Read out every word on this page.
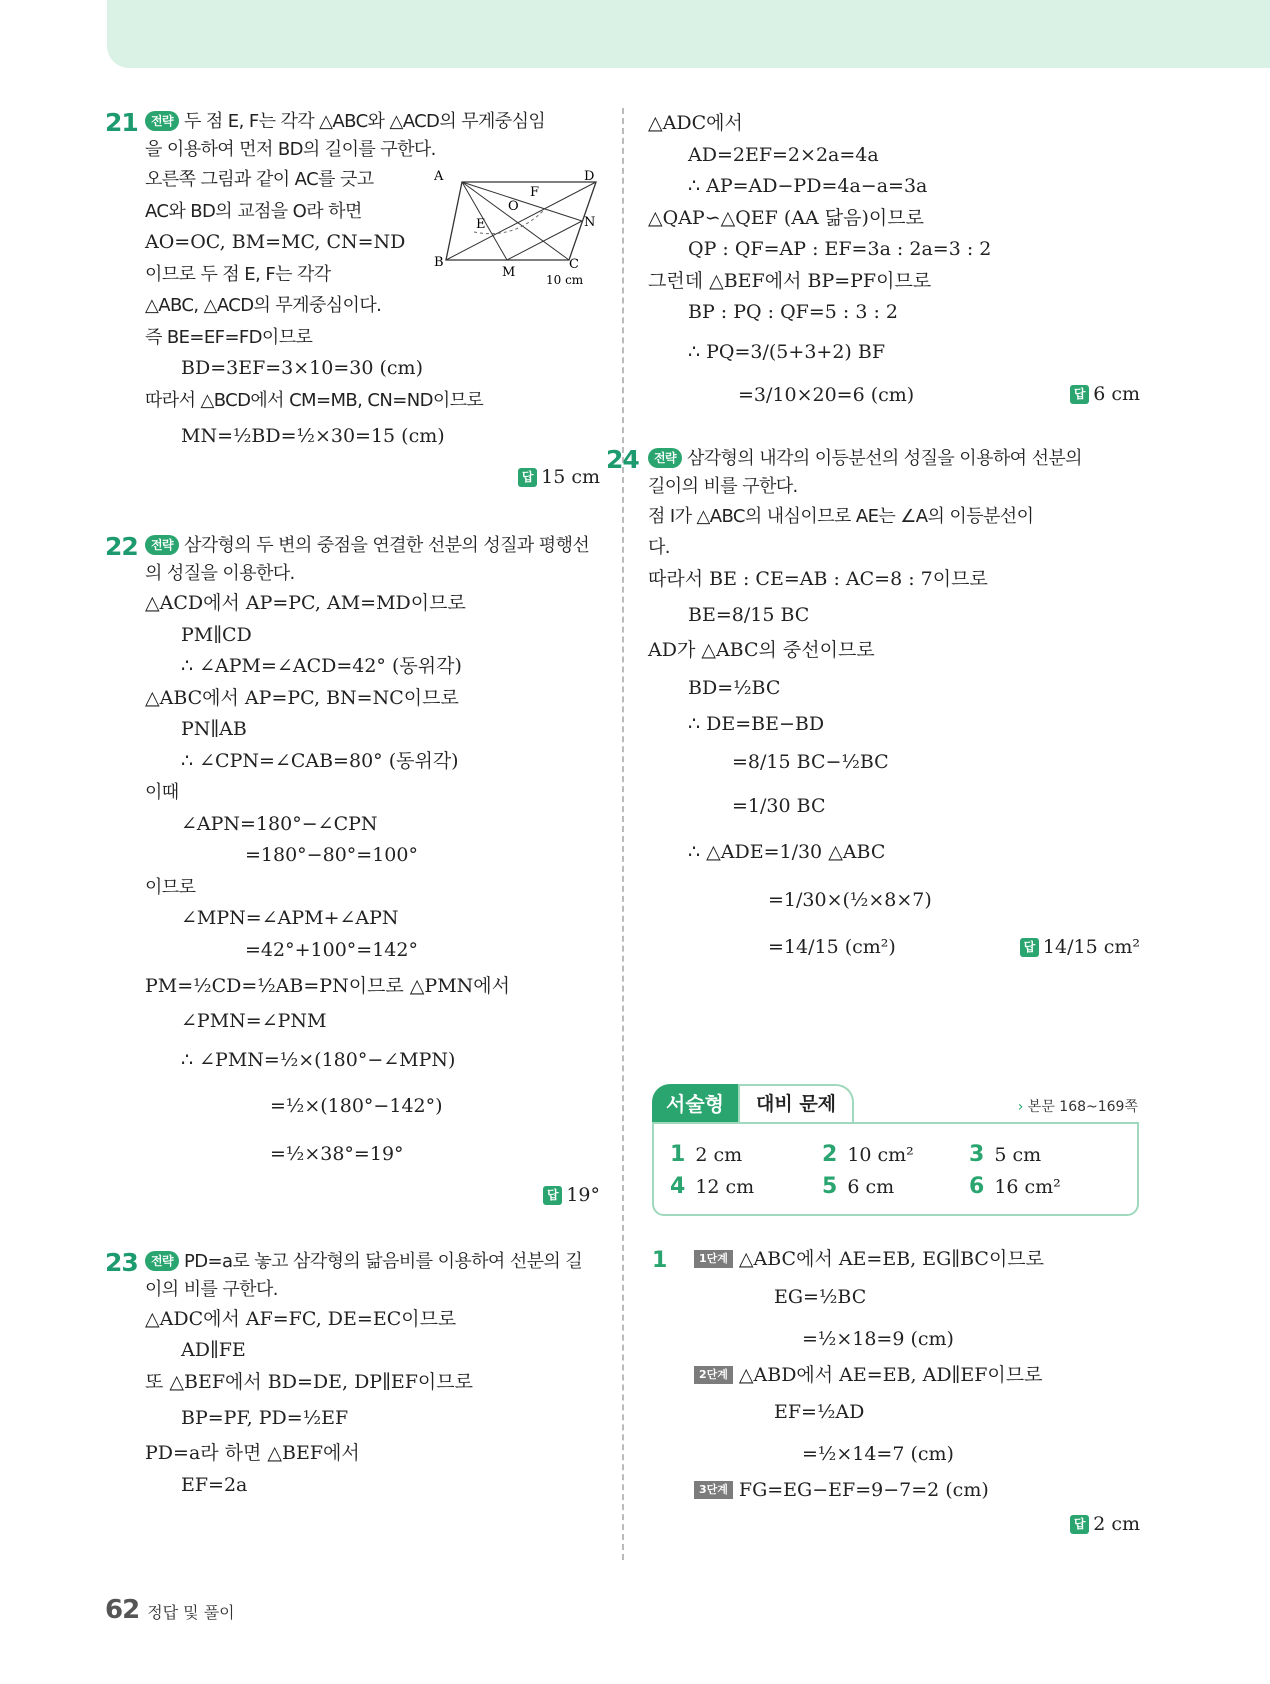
A	D
F
O
E	N
B
M
C
10 cm
21	전략 두 점 E, F는 각각 △ABC와 △ACD의 무게중심임
을 이용하여 먼저 BD의 길이를 구한다.
오른쪽 그림과 같이 AC를 긋고
AC와 BD의 교점을 O라 하면
AO=OC, BM=MC, CN=ND
이므로 두 점 E, F는 각각
△ABC, △ACD의 무게중심이다.
즉 BE=EF=FD이므로
BD=3EF=3×10=30 (cm)
따라서 △BCD에서 CM=MB, CN=ND이므로
MN=½BD=½×30=15 (cm)
답 15 cm
22	전략 삼각형의 두 변의 중점을 연결한 선분의 성질과 평행선
의 성질을 이용한다.
△ACD에서 AP=PC, AM=MD이므로
PM∥CD
∴ ∠APM=∠ACD=42° (동위각)
△ABC에서 AP=PC, BN=NC이므로
PN∥AB
∴ ∠CPN=∠CAB=80° (동위각)
이때
∠APN=180°−∠CPN
=180°−80°=100°
이므로
∠MPN=∠APM+∠APN
=42°+100°=142°
PM=½CD=½AB=PN이므로 △PMN에서
∠PMN=∠PNM
∴ ∠PMN=½×(180°−∠MPN)
=½×(180°−142°)
=½×38°=19°
답 19°
23	전략 PD=a로 놓고 삼각형의 닮음비를 이용하여 선분의 길
이의 비를 구한다.
△ADC에서 AF=FC, DE=EC이므로
AD∥FE
또 △BEF에서 BD=DE, DP∥EF이므로
BP=PF, PD=½EF
PD=a라 하면 △BEF에서
EF=2a
△ADC에서
AD=2EF=2×2a=4a
∴ AP=AD−PD=4a−a=3a
△QAP∽△QEF (AA 닮음)이므로
QP : QF=AP : EF=3a : 2a=3 : 2
그런데 △BEF에서 BP=PF이므로
BP : PQ : QF=5 : 3 : 2
∴ PQ=3/(5+3+2) BF
=3/10×20=6 (cm)	답 6 cm
24	전략 삼각형의 내각의 이등분선의 성질을 이용하여 선분의
길이의 비를 구한다.
점 I가 △ABC의 내심이므로 AE는 ∠A의 이등분선이
다.
따라서 BE : CE=AB : AC=8 : 7이므로
BE=8/15 BC
AD가 △ABC의 중선이므로
BD=½BC
∴ DE=BE−BD
=8/15 BC−½BC
=1/30 BC
∴ △ADE=1/30 △ABC
=1/30×(½×8×7)
=14/15 (cm²)	답 14/15 cm²
서술형	대비 문제	› 본문 168~169쪽
1 2 cm	2 10 cm²	3 5 cm
4 12 cm	5 6 cm	6 16 cm²
1	1단계 △ABC에서 AE=EB, EG∥BC이므로
EG=½BC
=½×18=9 (cm)
2단계 △ABD에서 AE=EB, AD∥EF이므로
EF=½AD
=½×14=7 (cm)
3단계 FG=EG−EF=9−7=2 (cm)
답 2 cm
62 정답 및 풀이
